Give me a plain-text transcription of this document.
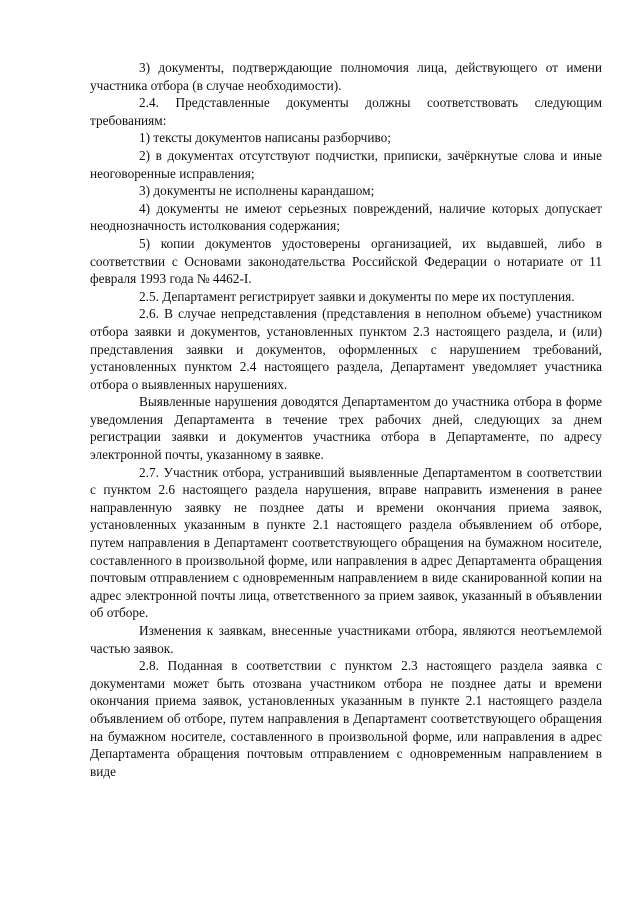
3) документы, подтверждающие полномочия лица, действующего от имени участника отбора (в случае необходимости).

2.4. Представленные документы должны соответствовать следующим требованиям:

1) тексты документов написаны разборчиво;

2) в документах отсутствуют подчистки, приписки, зачёркнутые слова и иные неоговоренные исправления;

3) документы не исполнены карандашом;

4) документы не имеют серьезных повреждений, наличие которых допускает неоднозначность истолкования содержания;

5) копии документов удостоверены организацией, их выдавшей, либо в соответствии с Основами законодательства Российской Федерации о нотариате от 11 февраля 1993 года № 4462-I.

2.5. Департамент регистрирует заявки и документы по мере их поступления.

2.6. В случае непредставления (представления в неполном объеме) участником отбора заявки и документов, установленных пунктом 2.3 настоящего раздела, и (или) представления заявки и документов, оформленных с нарушением требований, установленных пунктом 2.4 настоящего раздела, Департамент уведомляет участника отбора о выявленных нарушениях.

Выявленные нарушения доводятся Департаментом до участника отбора в форме уведомления Департамента в течение трех рабочих дней, следующих за днем регистрации заявки и документов участника отбора в Департаменте, по адресу электронной почты, указанному в заявке.

2.7. Участник отбора, устранивший выявленные Департаментом в соответствии с пунктом 2.6 настоящего раздела нарушения, вправе направить изменения в ранее направленную заявку не позднее даты и времени окончания приема заявок, установленных указанным в пункте 2.1 настоящего раздела объявлением об отборе, путем направления в Департамент соответствующего обращения на бумажном носителе, составленного в произвольной форме, или направления в адрес Департамента обращения почтовым отправлением с одновременным направлением в виде сканированной копии на адрес электронной почты лица, ответственного за прием заявок, указанный в объявлении об отборе.

Изменения к заявкам, внесенные участниками отбора, являются неотъемлемой частью заявок.

2.8. Поданная в соответствии с пунктом 2.3 настоящего раздела заявка с документами может быть отозвана участником отбора не позднее даты и времени окончания приема заявок, установленных указанным в пункте 2.1 настоящего раздела объявлением об отборе, путем направления в Департамент соответствующего обращения на бумажном носителе, составленного в произвольной форме, или направления в адрес Департамента обращения почтовым отправлением с одновременным направлением в виде
